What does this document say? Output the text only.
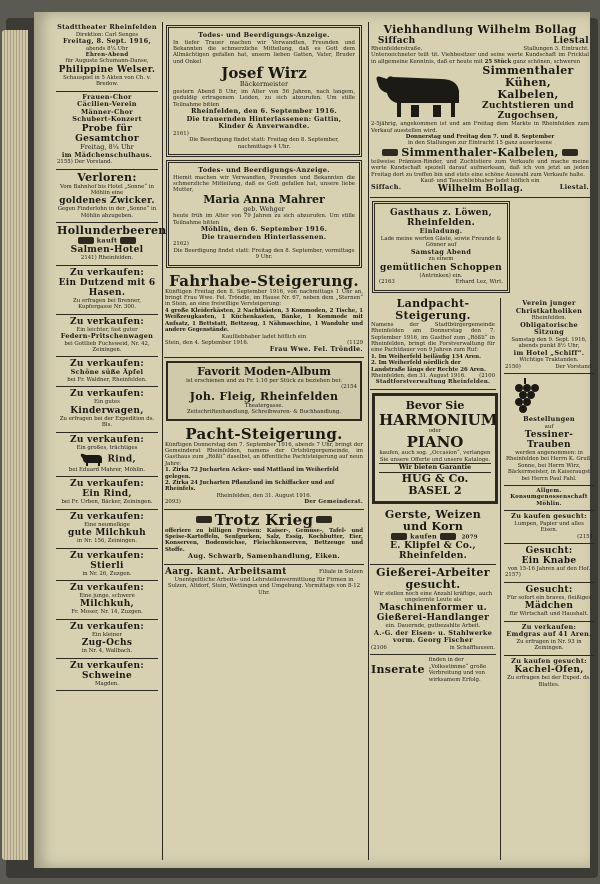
Stadttheater Rheinfelden
Direktion: Carl Senges
Freitag, 8. Sept. 1916,
abends 8¼ Uhr
Ehren-Abend
für Auguste Schumann-Danse,
Philippine Welser.
Schauspiel in 5 Akten von Ch. v. Bredow.
Frauen-Chor
Cäcilien-Verein
Männer-Chor
Schubert-Konzert
Probe für Gesamtchor
Freitag, 8¼ Uhr
im Mädchenschulhaus.
2155) Der Vorstand.
Verloren:
Vom Bahnhof bis Hotel „Sonne“ in Möhlin eine
goldenes Zwicker.
Gegen Finderlohn in der „Sonne“ in Möhlin abzugeben.
Hollunderbeeren
kauft
Salmen-Hotel
2141) Rheinfelden.
Zu verkaufen:
Ein Dutzend mit 6 Hasen.
Zu erfragen bei Brenner, Kupfergasse Nr. 300.
Zu verkaufen:
Ein leichter, fast guter
Federn-Pritschenwagen
bei Gottlieb Fuchsweid, Nr. 42, Zeiningen.
Zu verkaufen:
Schöne süße Äpfel
bei Fr. Waldner, Rheinfelden.
Zu verkaufen:
Ein gutes
Kinderwagen,
Zu erfragen bei der Expedition ds. Bls.
Zu verkaufen:
Ein großes, trächtiges
Rind,
bei Eduard Mahrer, Möhlin.
Zu verkaufen:
Ein Rind,
bei Fr. Urben, Bäcker, Zeiningen.
Zu verkaufen:
Eine neumelkige
gute Milchkuh
in Nr. 156, Zeiningen.
Zu verkaufen:
Stierli
in Nr. 26, Zuzgen.
Zu verkaufen:
Eine junge, schwere
Milchkuh,
Fr. Moser, Nr. 14, Zuzgen.
Zu verkaufen:
Ein kleiner
Zug-Ochs
in Nr. 4, Wallbach.
Zu verkaufen:
Schweine
Magden.
Todes- und Beerdigungs-Anzeige.
In tiefer Trauer machen wir Verwandten, Freunden und Bekannten die schmerzliche Mitteilung, daß es Gott dem Allmächtigen gefallen hat, unsern lieben Gatten, Vater, Bruder und Onkel
Josef Wirz
Bäckermeister
gestern Abend 8 Uhr, im Alter von 56 Jahren, nach langem, geduldig ertragenem Leiden, zu sich abzurufen. Um stille Teilnahme bitten
Rheinfelden, den 6. September 1916.
Die trauernden Hinterlassenen: Gattin, Kinder & Anverwandte.
2161)
Die Beerdigung findet statt: Freitag den 8. September, nachmittags 4 Uhr.
Todes- und Beerdigungs-Anzeige.
Hiemit machen wir Verwandten, Freunden und Bekannten die schmerzliche Mitteilung, daß es Gott gefallen hat, unsere liebe Mutter,
Maria Anna Mahrer
geb. Wehger
heute früh im Alter von 79 Jahren zu sich abzurufen. Um stille Teilnahme bitten
Möhlin, den 6. September 1916.
Die trauernden Hinterlassenen.
2162)
Die Beerdigung findet statt: Freitag den 8. September, vormittags 9 Uhr.
Fahrhabe-Steigerung.
Künftigen Freitag den 8. September 1916, von nachmittags 1 Uhr an, bringt Frau Wwe. Fel. Tröndle, im Hause Nr. 67, neben dem „Sternen“ in Stein, an eine freiwillige Versteigerung:
4 große Kleiderkästen, 2 Nachtkästen, 3 Kommoden, 2 Tische, 1 Weißzeugkasten, 1 Küchenkasten, Bänke, 1 Kommode mit Aufsatz, 1 Bettstatt, Bettzeug, 1 Nähmaschine, 1 Wanduhr und andere Gegenstände.
Kaufliebhaber ladet höflich ein
Stein, den 4. September 1916.	(1129
Frau Wwe. Fel. Tröndle.
Favorit Moden-Album
ist erschienen und zu Fr. 1.10 per Stück zu beziehen bei:
(2154
Joh. Fleig, Rheinfelden
Theatergasse.
Zeitschriftenhandlung, Schreibwaren- & Buchhandlung.
Pacht-Steigerung.
Künftigen Donnerstag den 7. September 1916, abends 7 Uhr, bringt der Gemeinderat Rheinfelden, namens der Ortsbürgergemeinde, im Gasthaus zum „Rößli“ daselbst, an öffentliche Pachtsteigerung auf neun Jahre:
1. Zirka 72 Jucharten Acker- und Mattland im Weiherfeld gelegen.
2. Zirka 24 Jucharten Pflanzland im Schiffacker und auf Rheinfels.
Rheinfelden, den 31. August 1916.
2093)	Der Gemeinderat.
Trotz Krieg
offeriere zu billigen Preisen: Kaiser-, Gemüse-, Tafel- und Speise-Kartoffeln, Senfgurken, Salz, Essig, Kochbutter, Eier, Konserven, Bodenwichse, Fleischkonserven, Bettzeuge und Stoffe.
Aug. Schwarb, Samenhandlung, Eiken.
Aarg. kant. Arbeitsamt	Filiale in Sulzen
Unentgeltliche Arbeits- und Lehrstellenvermittlung für Firmen in Sulzen, Altdorf, Stein, Wettingen und Umgebung. Vormittags von 8-12 Uhr.
Viehhandlung Wilhelm Bollag
Siffach
Rheinfelderstraße.
Liestal
Stallungen 3. Eintracht.
Unterzeichneter teilt tit. Viehbesitzer und seine werte Kundschaft im Fricktal in allgemeine Kenntnis, daß er heute mit 25 Stück ganz schönen, schweren
Simmenthaler Kühen,
Kalbelen,
Zuchtstieren und Zugochsen,
2-5jährig, angekommen ist und am Freitag dem Markte in Rheinfelden zum Verkauf ausstellen wird.
Donnerstag und Freitag den 7. und 8. September
in den Stallungen zur Eintracht 15 ganz auserlesene
Simmenthaler-Kalbelen,
teilweise Prämien-Rinder, und Zuchtstiere zum Verkaufe und mache meine werte Kundschaft speziell darauf aufmerksam, daß ich von jetzt an jeden Freitag dort zu treffen bin und stets eine schöne Auswahl zum Verkaufe halte.
Kauf- und Tauschliebhaber ladet höflich ein
Siffach.	Wilhelm Bollag.	Liestal.
Gasthaus z. Löwen, Rheinfelden.
Einladung.
Lade meine werten Gäste, sowie Freunde & Gönner auf
Samstag Abend
zu einem
gemütlichen Schoppen
(Antrinken) ein.
(2163	Erhard Lez, Wirt.
Landpacht-Steigerung.
Namens der Stadtbürgergemeinde Rheinfelden am Donnerstag den 7. September 1916, im Gasthof zum „Rößli“ in Rheinfelden, bringt die Forstverwaltung für eine Pachtdauer von 9 Jahren zum Ruf:
1. Im Weiherfeld beiläufig 134 Aren.
2. Im Weiherfeld nördlich der Landstraße längs der Rechte 26 Aren.
Rheinfelden, den 31. August 1916. (2100
Stadtforstverwaltung Rheinfelden.
Bevor Sie
HARMONIUM
oder
PIANO
kaufen, auch sog. „Occasion“, verlangen Sie unsere Offerte und unsere Kataloge.
Wir bieten Garantie
HUG & Co. BASEL 2
Gerste, Weizen und Korn
kaufen	2079
E. Klipfel & Co., Rheinfelden.
Gießerei-Arbeiter gesucht.
Wir stellen noch eine Anzahl kräftige, auch ungelernte Leute als
Maschinenformer u. Gießerei-Handlanger
ein. Dauernde, gutbezahlte Arbeit.
A.-G. der Eisen- u. Stahlwerke vorm. Georg Fischer
(2106	in Schaffhausen.
Inserate
finden in der „Volksstimme“ große Verbreitung und von wirksamem Erfolg.
Verein junger Christkatholiken
Rheinfelden.
Obligatorische Sitzung
Samstag den 9. Sept. 1916,
abends punkt 8½ Uhr,
im Hotel „Schiff“.
Wichtige Traktanden.
2150)	Der Vorstand.
Bestellungen
auf
Tessiner-Trauben
werden angenommen: in Rheinfelden bei Herrn K. Gruß, Sonne, bei Herrn Wirz, Bäckermeister, in Kaiseraugst bei Herrn Paul Fahl.
Allgem. Konsumgenossenschaft Möhlin.
Zu kaufen gesucht:
Lumpen, Papier und alles Eisen.
(2151
Gesucht:
Ein Knabe
von 15-16 Jahren auf den Hof.
2157)
Gesucht:
Für sofort ein braves, fleißiges
Mädchen
für Wirtschaft und Haushalt.
Zu verkaufen:
Emdgras auf 41 Aren.
Zu erfragen in Nr. 93 in Zeiningen.
Zu kaufen gesucht:
Kachel-Ofen,
Zu erfragen bei der Exped. ds. Blattes.
